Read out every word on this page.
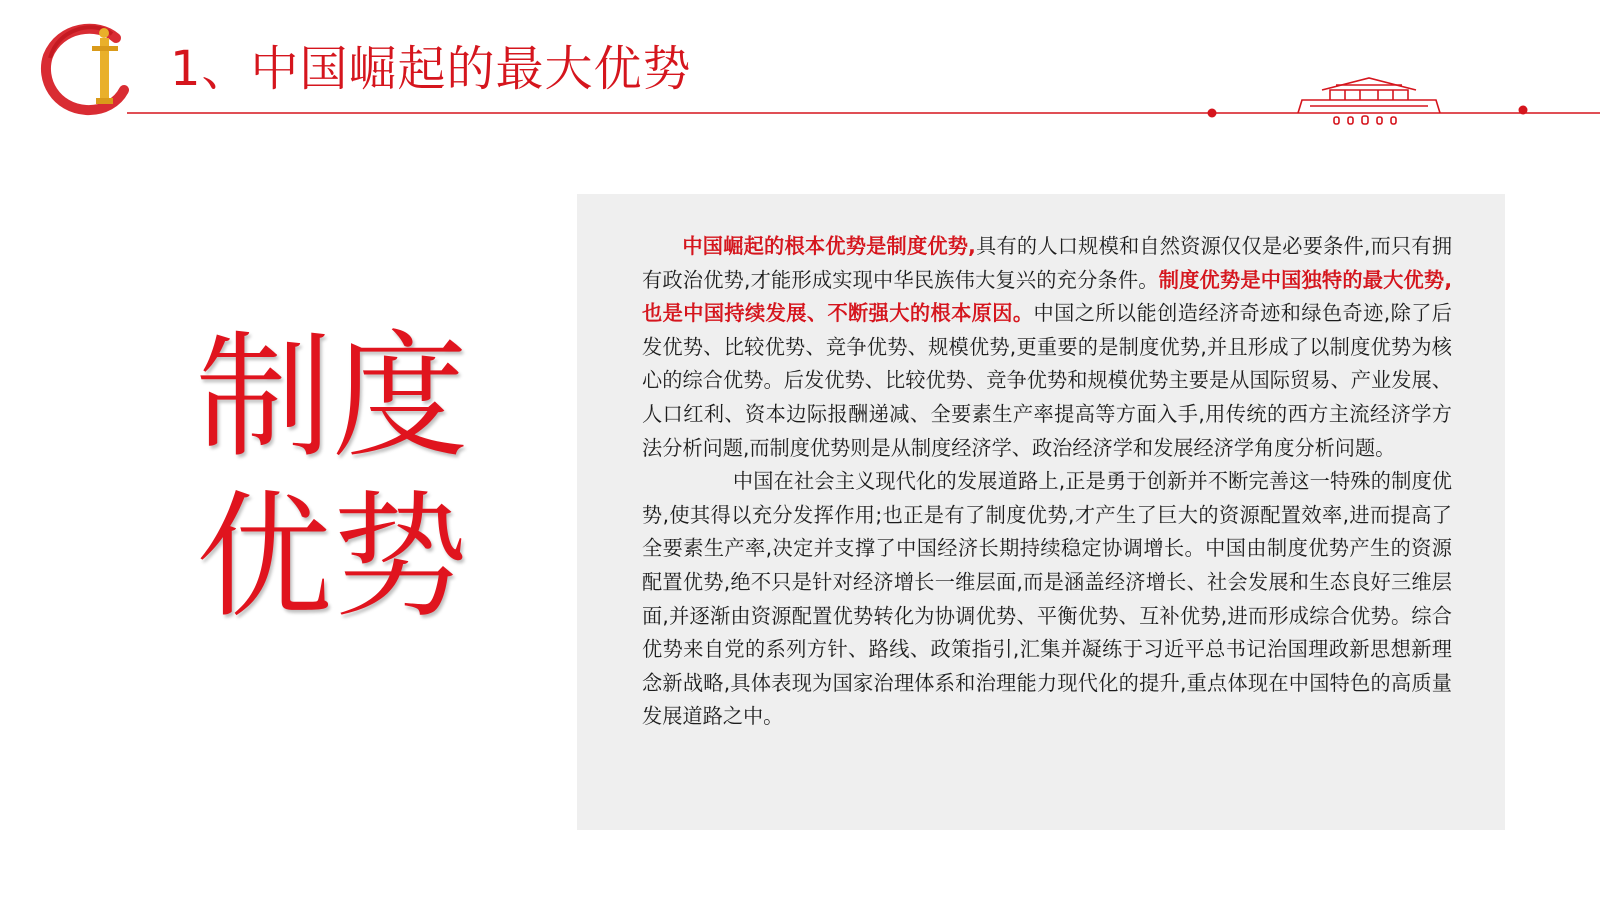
1、中国崛起的最大优势
制度
优势

中国崛起的根本优势是制度优势,具有的人口规模和自然资源仅仅是必要条件,而只有拥有政治优势,才能形成实现中华民族伟大复兴的充分条件。制度优势是中国独特的最大优势,也是中国持续发展、不断强大的根本原因。中国之所以能创造经济奇迹和绿色奇迹,除了后发优势、比较优势、竞争优势、规模优势,更重要的是制度优势,并且形成了以制度优势为核心的综合优势。后发优势、比较优势、竞争优势和规模优势主要是从国际贸易、产业发展、人口红利、资本边际报酬递减、全要素生产率提高等方面入手,用传统的西方主流经济学方法分析问题,而制度优势则是从制度经济学、政治经济学和发展经济学角度分析问题。

中国在社会主义现代化的发展道路上,正是勇于创新并不断完善这一特殊的制度优势,使其得以充分发挥作用;也正是有了制度优势,才产生了巨大的资源配置效率,进而提高了全要素生产率,决定并支撑了中国经济长期持续稳定协调增长。中国由制度优势产生的资源配置优势,绝不只是针对经济增长一维层面,而是涵盖经济增长、社会发展和生态良好三维层面,并逐渐由资源配置优势转化为协调优势、平衡优势、互补优势,进而形成综合优势。综合优势来自党的系列方针、路线、政策指引,汇集并凝练于习近平总书记治国理政新思想新理念新战略,具体表现为国家治理体系和治理能力现代化的提升,重点体现在中国特色的高质量发展道路之中。
